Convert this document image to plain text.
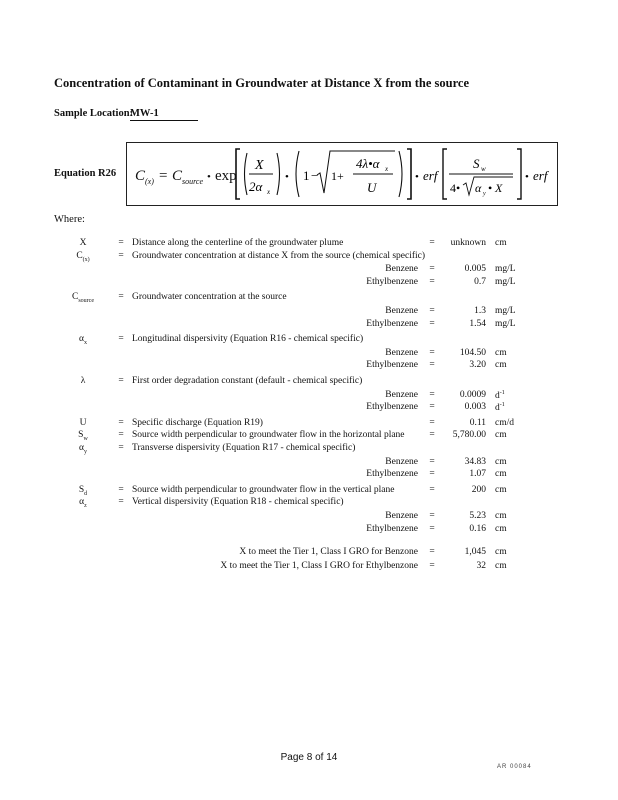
Concentration of Contaminant in Groundwater at Distance X from the source
Sample Location:
MW-1
Equation R26 C (x) = C source • exp
X
2α x
• 1 − 1+
4λ•α x
U
• erf
S w
4• α y • X
• erf
Where:
X	= Distance along the centerline of the groundwater plume	=	unknown cm
$C_{(x)}$	= Groundwater concentration at distance X from the source (chemical specific)
Benzene =	0.005 mg/L
Ethylbenzene =	0.7 mg/L
$C_{source}$	= Groundwater concentration at the source
Benzene =	1.3 mg/L
Ethylbenzene =	1.54 mg/L
$\alpha_x$	= Longitudinal dispersivity (Equation R16 - chemical specific)
Benzene =	104.50 cm
Ethylbenzene =	3.20 cm
λ	= First order degradation constant (default - chemical specific)
Benzene =	0.0009 $d^{-1}$
Ethylbenzene =	0.003 $d^{-1}$
U	= Specific discharge (Equation R19)	=	0.11 cm/d
$S_w$	= Source width perpendicular to groundwater flow in the horizontal plane	=	5,780.00 cm
$\alpha_y$	= Transverse dispersivity (Equation R17 - chemical specific)
Benzene =	34.83 cm
Ethylbenzene =	1.07 cm
$S_d$	= Source width perpendicular to groundwater flow in the vertical plane	=	200 cm
$\alpha_z$	= Vertical dispersivity (Equation R18 - chemical specific)
Benzene =	5.23 cm
Ethylbenzene =	0.16 cm
X to meet the Tier 1, Class I GRO for Benzone =	1,045 cm
X to meet the Tier 1, Class I GRO for Ethylbenzone =	32 cm
Page 8 of 14
AR 00084
